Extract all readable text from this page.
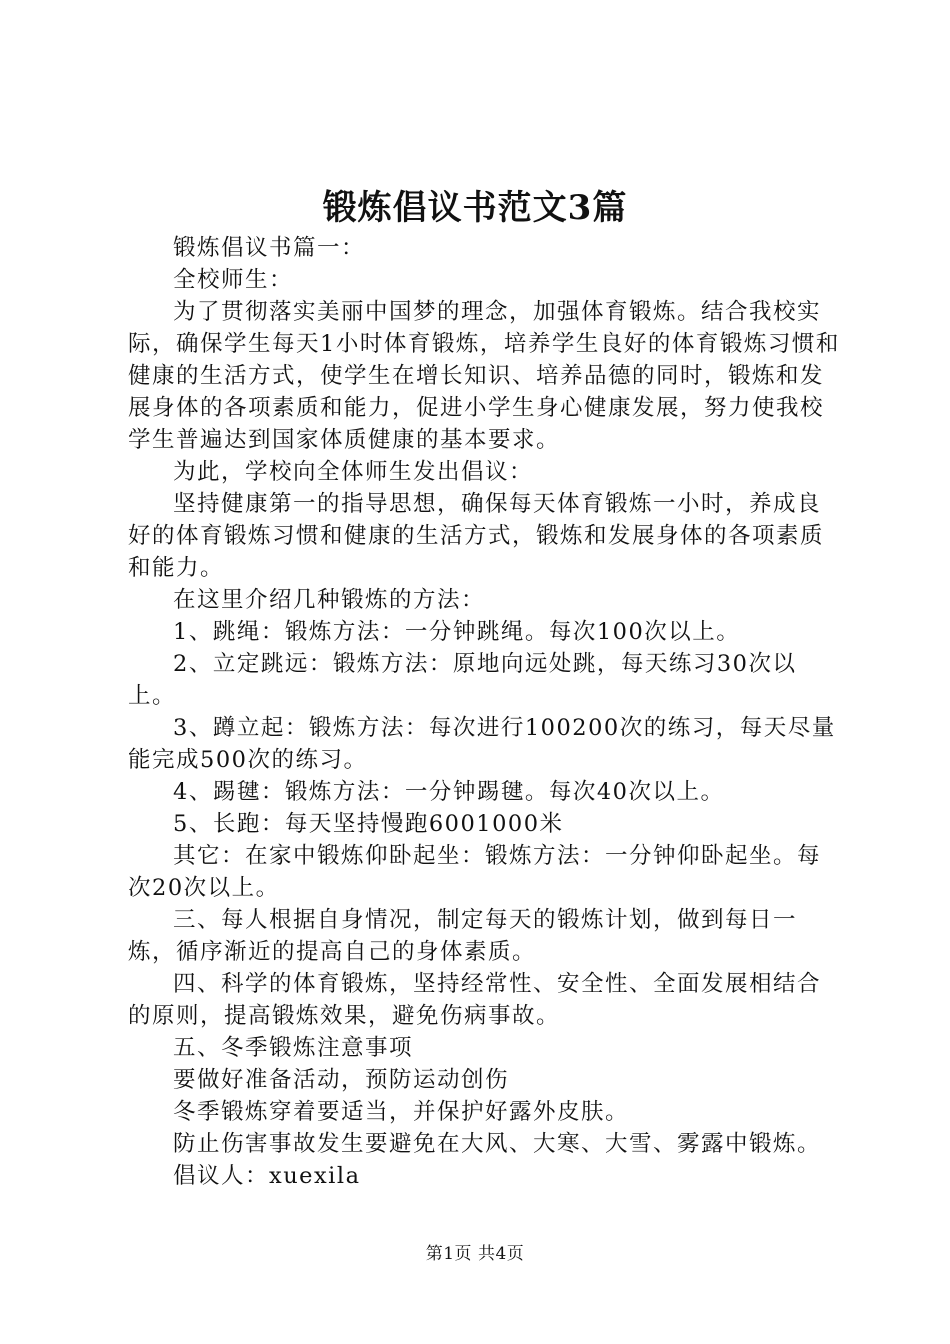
锻炼倡议书范文3篇

锻炼倡议书篇一：

全校师生：

为了贯彻落实美丽中国梦的理念，加强体育锻炼。结合我校实际，确保学生每天1小时体育锻炼，培养学生良好的体育锻炼习惯和健康的生活方式，使学生在增长知识、培养品德的同时，锻炼和发展身体的各项素质和能力，促进小学生身心健康发展，努力使我校学生普遍达到国家体质健康的基本要求。

为此，学校向全体师生发出倡议：

坚持健康第一的指导思想，确保每天体育锻炼一小时，养成良好的体育锻炼习惯和健康的生活方式，锻炼和发展身体的各项素质和能力。

在这里介绍几种锻炼的方法：

1、跳绳：锻炼方法：一分钟跳绳。每次100次以上。

2、立定跳远：锻炼方法：原地向远处跳，每天练习30次以上。

3、蹲立起：锻炼方法：每次进行100200次的练习，每天尽量能完成500次的练习。

4、踢毽：锻炼方法：一分钟踢毽。每次40次以上。

5、长跑：每天坚持慢跑6001000米

其它：在家中锻炼仰卧起坐：锻炼方法：一分钟仰卧起坐。每次20次以上。

三、每人根据自身情况，制定每天的锻炼计划，做到每日一炼，循序渐近的提高自己的身体素质。

四、科学的体育锻炼，坚持经常性、安全性、全面发展相结合的原则，提高锻炼效果，避免伤病事故。

五、冬季锻炼注意事项

要做好准备活动，预防运动创伤

冬季锻炼穿着要适当，并保护好露外皮肤。

防止伤害事故发生要避免在大风、大寒、大雪、雾露中锻炼。

倡议人：xuexila

第1页 共4页
